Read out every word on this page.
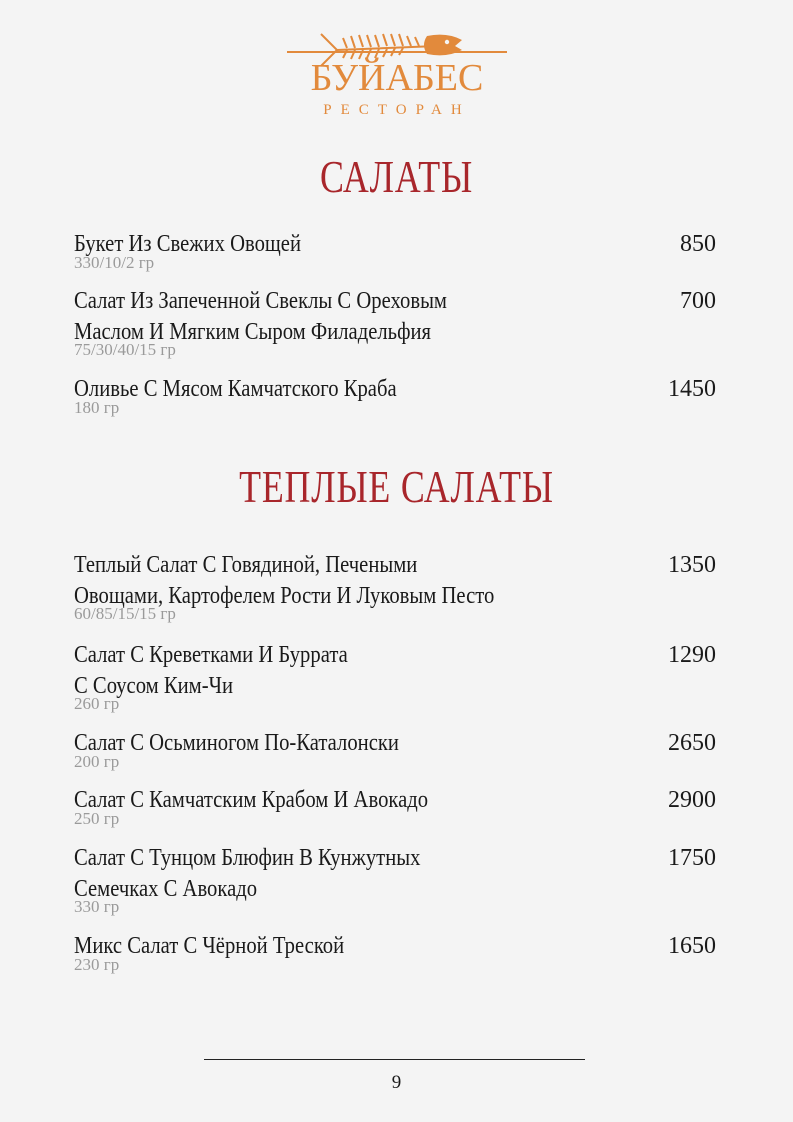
БУЙАБЕС
РЕСТОРАН
САЛАТЫ
Букет Из Свежих Овощей	850
330/10/2 гр
Салат Из Запеченной Свеклы С Ореховым
Маслом И Мягким Сыром Филадельфия
700
75/30/40/15 гр
Оливье С Мясом Камчатского Краба	1450
180 гр
ТЕПЛЫЕ САЛАТЫ
Теплый Салат С Говядиной, Печеными
Овощами, Картофелем Рости И Луковым Песто
1350
60/85/15/15 гр
Салат С Креветками И Буррата
С Соусом Ким-Чи
1290
260 гр
Салат С Осьминогом По-Каталонски	2650
200 гр
Салат С Камчатским Крабом И Авокадо	2900
250 гр
Салат С Тунцом Блюфин В Кунжутных
Семечках С Авокадо
1750
330 гр
Микс Салат С Чёрной Треской	1650
230 гр
9
